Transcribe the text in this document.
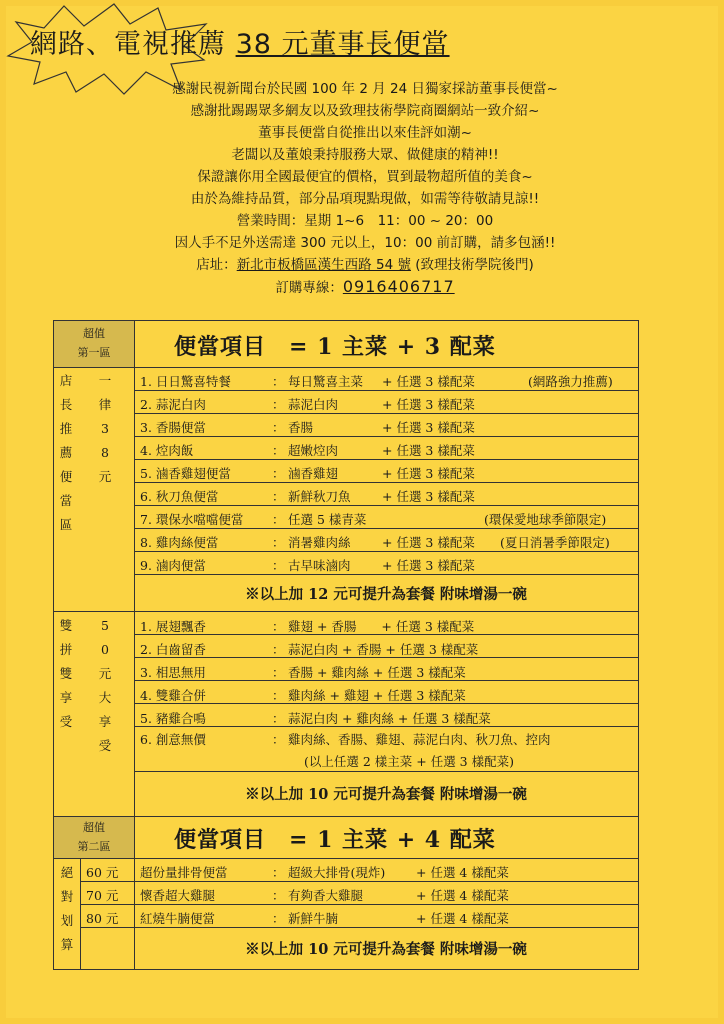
網路、電視推薦 38 元董事長便當
感謝民視新聞台於民國 100 年 2 月 24 日獨家採訪董事長便當~
感謝批踢踢眾多網友以及致理技術學院商圈網站一致介紹~
董事長便當自從推出以來佳評如潮~
老闆以及董娘秉持服務大眾、做健康的精神!!
保證讓你用全國最便宜的價格，買到最物超所值的美食~
由於為維持品質，部分品項現點現做，如需等待敬請見諒!!
營業時間：星期 1~6　11：00 ~ 20：00
因人手不足外送需達 300 元以上，10：00 前訂購，請多包涵!!
店址：新北市板橋區漢生西路 54 號 (致理技術學院後門)
訂購專線：0916406717
超值
第一區	便當項目　= 1 主菜 + 3 配菜
店長推薦便當區
一律38元
1. 日日驚喜特餐	： 每日驚喜主菜 + 任選 3 樣配菜	(網路強力推薦)
2. 蒜泥白肉	： 蒜泥白肉	+ 任選 3 樣配菜
3. 香腸便當	： 香腸	+ 任選 3 樣配菜
4. 焢肉飯	： 超嫩焢肉	+ 任選 3 樣配菜
5. 滷香雞翅便當	： 滷香雞翅	+ 任選 3 樣配菜
6. 秋刀魚便當	： 新鮮秋刀魚	+ 任選 3 樣配菜
7. 環保水噹噹便當 ： 任選 5 樣青菜	(環保愛地球季節限定)
8. 雞肉絲便當	： 消暑雞肉絲	+ 任選 3 樣配菜 (夏日消暑季節限定)
9. 滷肉便當	： 古早味滷肉	+ 任選 3 樣配菜
※以上加 12 元可提升為套餐 附味增湯一碗
雙拼雙享受
50元大享受
1. 展翅飄香	： 雞翅 + 香腸　　+ 任選 3 樣配菜
2. 白齒留香	： 蒜泥白肉 + 香腸 + 任選 3 樣配菜
3. 相思無用	： 香腸 + 雞肉絲 + 任選 3 樣配菜
4. 雙雞合併	： 雞肉絲 + 雞翅 + 任選 3 樣配菜
5. 豬雞合鳴	： 蒜泥白肉 + 雞肉絲 + 任選 3 樣配菜
6. 創意無價	： 雞肉絲、香腸、雞翅、蒜泥白肉、秋刀魚、控肉
(以上任選 2 樣主菜 + 任選 3 樣配菜)
※以上加 10 元可提升為套餐 附味增湯一碗
超值
第二區	便當項目　= 1 主菜 + 4 配菜
絕對划算
60 元 超份量排骨便當	： 超級大排骨(現炸) + 任選 4 樣配菜
70 元 懷香超大雞腿	： 有夠香大雞腿	+ 任選 4 樣配菜
80 元 紅燒牛腩便當	： 新鮮牛腩	+ 任選 4 樣配菜
※以上加 10 元可提升為套餐 附味增湯一碗
